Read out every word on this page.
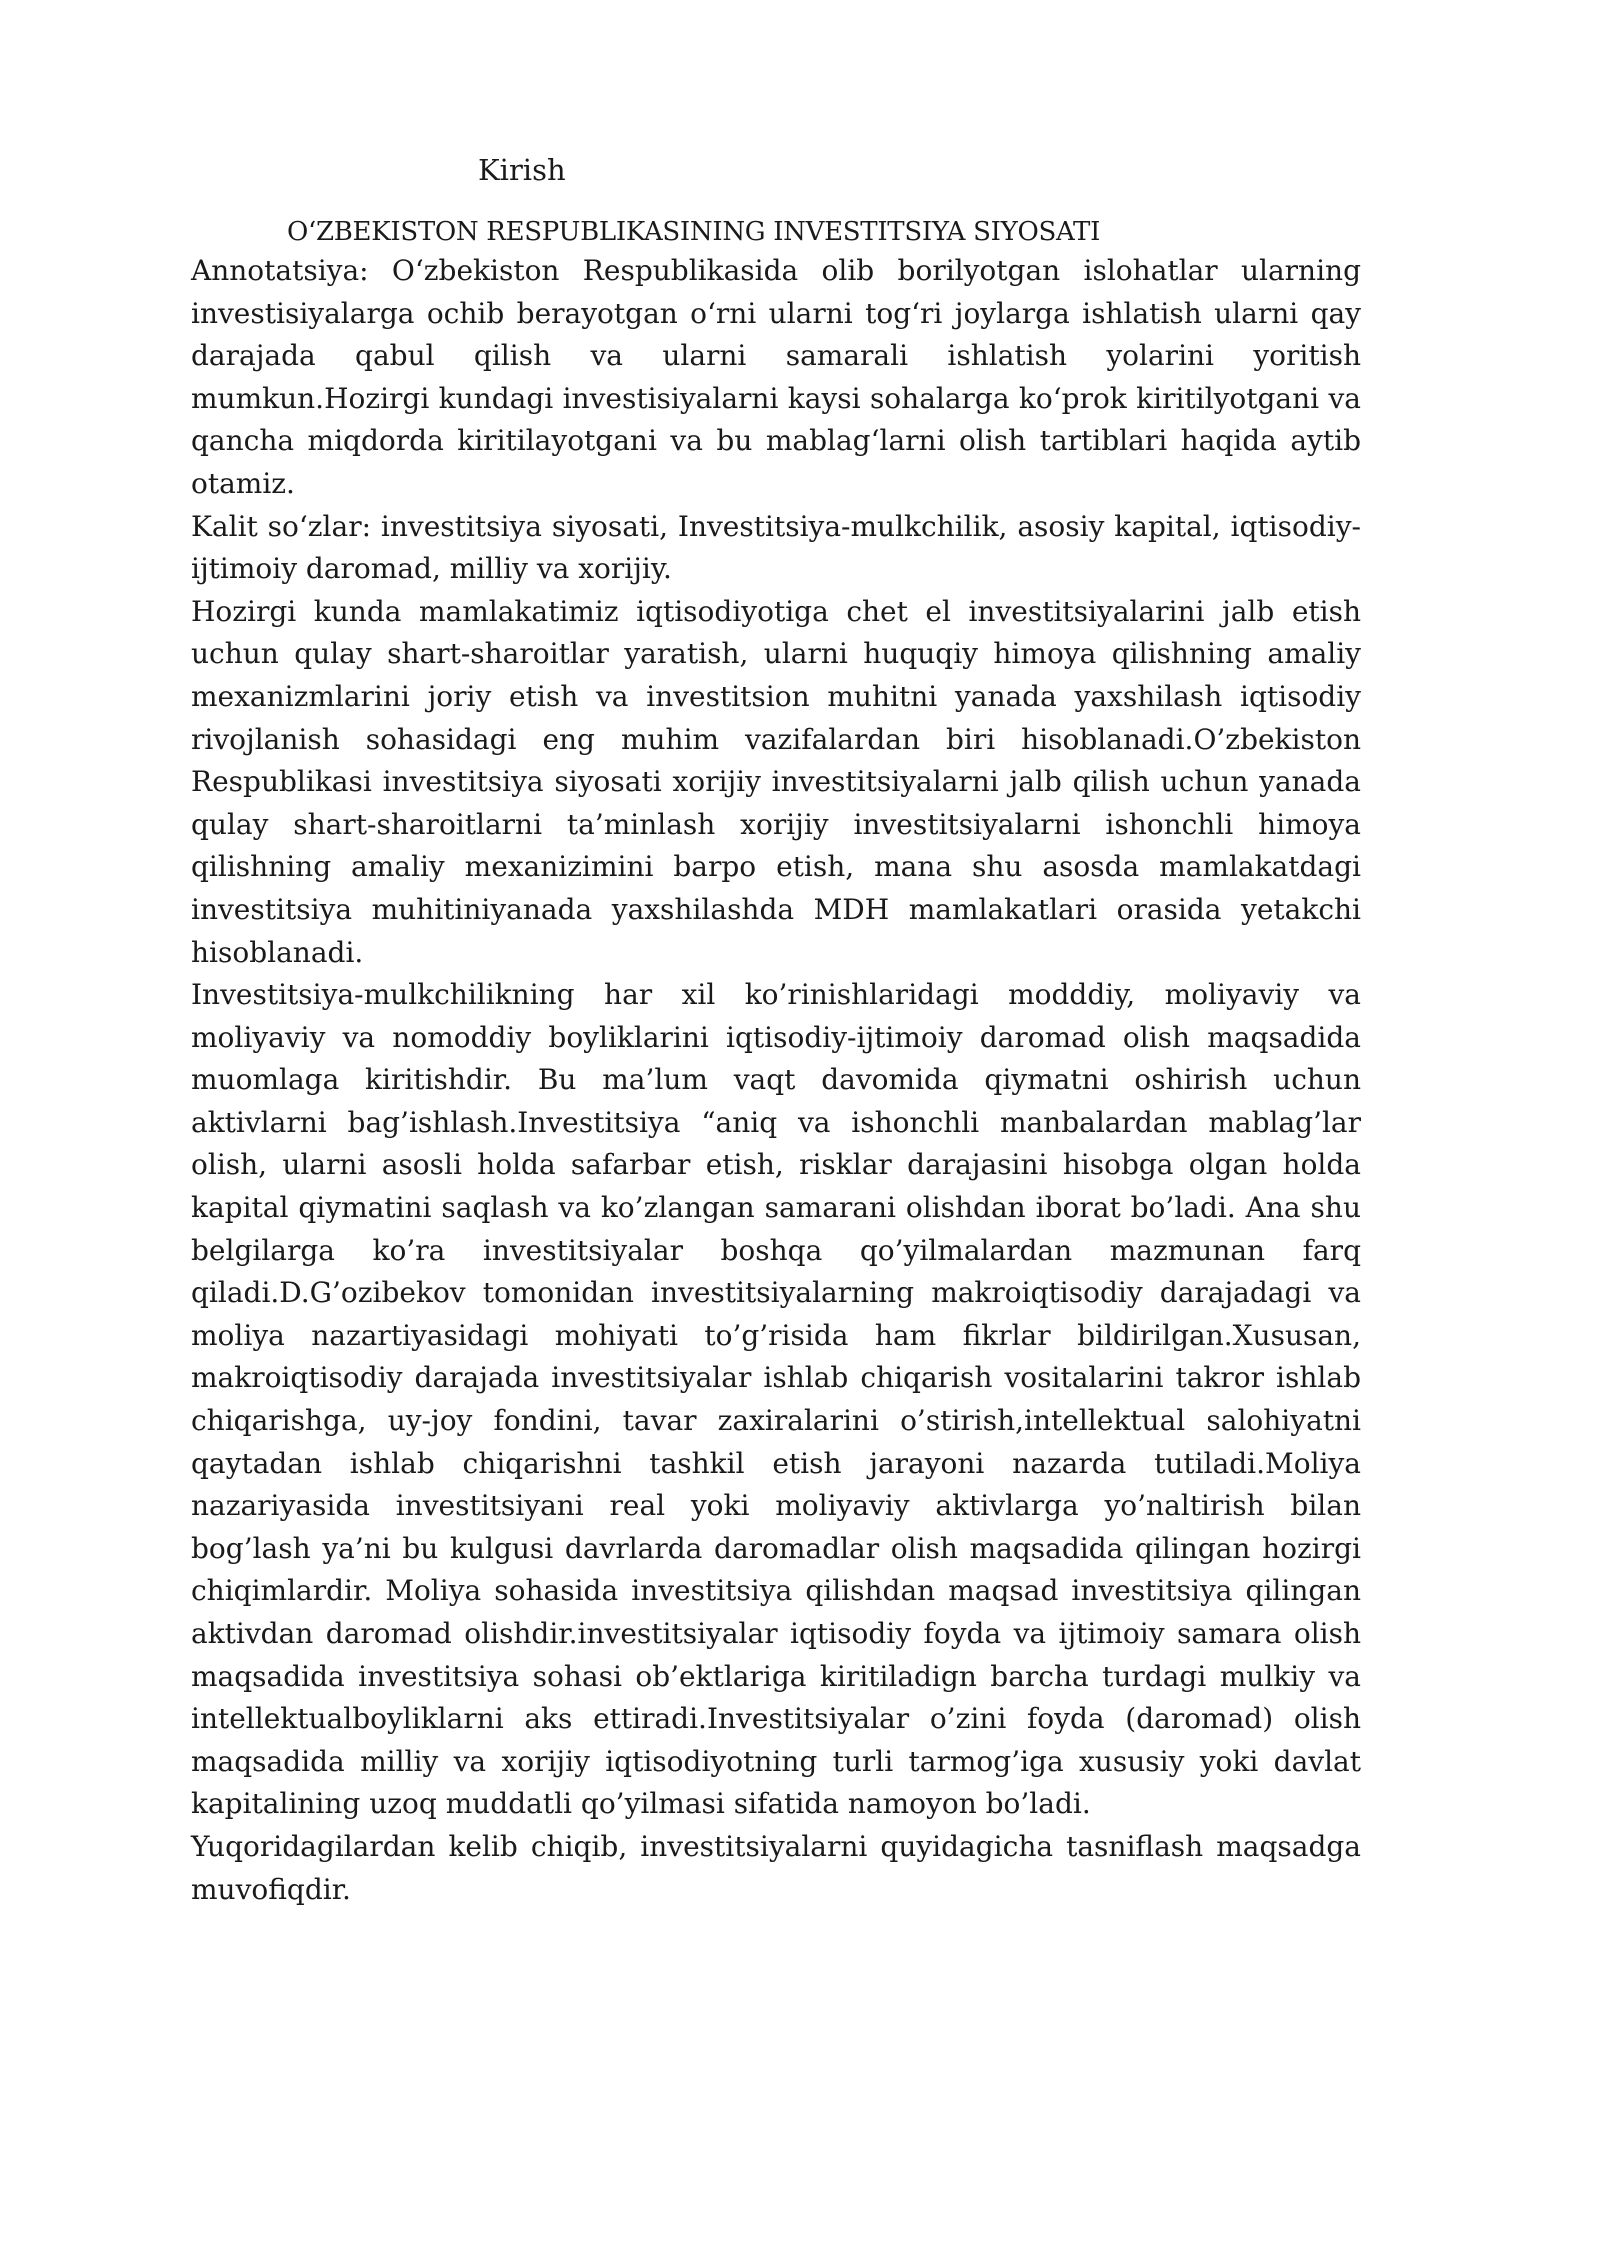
Kirish
O‘ZBEKISTON RESPUBLIKASINING INVESTITSIYA SIYOSATI

Annotatsiya: O‘zbekiston Respublikasida olib borilyotgan islohatlar ularning investisiyalarga ochib berayotgan o‘rni ularni tog‘ri joylarga ishlatish ularni qay darajada qabul qilish va ularni samarali ishlatish yolarini yoritish mumkun.Hozirgi kundagi investisiyalarni kaysi sohalarga ko‘prok kiritilyotgani va qancha miqdorda kiritilayotgani va bu mablag‘larni olish tartiblari haqida aytib otamiz.

Kalit so‘zlar: investitsiya siyosati, Investitsiya-mulkchilik, asosiy kapital, iqtisodiy-ijtimoiy daromad, milliy va xorijiy.

Hozirgi kunda mamlakatimiz iqtisodiyotiga chet el investitsiyalarini jalb etish uchun qulay shart-sharoitlar yaratish, ularni huquqiy himoya qilishning amaliy mexanizmlarini joriy etish va investitsion muhitni yanada yaxshilash iqtisodiy rivojlanish sohasidagi eng muhim vazifalardan biri hisoblanadi.O’zbekiston Respublikasi investitsiya siyosati xorijiy investitsiyalarni jalb qilish uchun yanada qulay shart-sharoitlarni ta’minlash xorijiy investitsiyalarni ishonchli himoya qilishning amaliy mexanizimini barpo etish, mana shu asosda mamlakatdagi investitsiya muhitiniyanada yaxshilashda MDH mamlakatlari orasida yetakchi hisoblanadi.

Investitsiya-mulkchilikning har xil ko’rinishlaridagi modddiy, moliyaviy va moliyaviy va nomoddiy boyliklarini iqtisodiy-ijtimoiy daromad olish maqsadida muomlaga kiritishdir. Bu ma’lum vaqt davomida qiymatni oshirish uchun aktivlarni bag’ishlash.Investitsiya “aniq va ishonchli manbalardan mablag’lar olish, ularni asosli holda safarbar etish, risklar darajasini hisobga olgan holda kapital qiymatini saqlash va ko’zlangan samarani olishdan iborat bo’ladi. Ana shu belgilarga ko’ra investitsiyalar boshqa qo’yilmalardan mazmunan farq qiladi.D.G’ozibekov tomonidan investitsiyalarning makroiqtisodiy darajadagi va moliya nazartiyasidagi mohiyati to’g’risida ham fikrlar bildirilgan.Xususan, makroiqtisodiy darajada investitsiyalar ishlab chiqarish vositalarini takror ishlab chiqarishga, uy-joy fondini, tavar zaxiralarini o’stirish,intellektual salohiyatni qaytadan ishlab chiqarishni tashkil etish jarayoni nazarda tutiladi.Moliya nazariyasida investitsiyani real yoki moliyaviy aktivlarga yo’naltirish bilan bog’lash ya’ni bu kulgusi davrlarda daromadlar olish maqsadida qilingan hozirgi chiqimlardir. Moliya sohasida investitsiya qilishdan maqsad investitsiya qilingan aktivdan daromad olishdir.investitsiyalar iqtisodiy foyda va ijtimoiy samara olish maqsadida investitsiya sohasi ob’ektlariga kiritiladign barcha turdagi mulkiy va intellektualboyliklarni aks ettiradi.Investitsiyalar o’zini foyda (daromad) olish maqsadida milliy va xorijiy iqtisodiyotning turli tarmog’iga xususiy yoki davlat kapitalining uzoq muddatli qo’yilmasi sifatida namoyon bo’ladi.

Yuqoridagilardan kelib chiqib, investitsiyalarni quyidagicha tasniflash maqsadga muvofiqdir.
